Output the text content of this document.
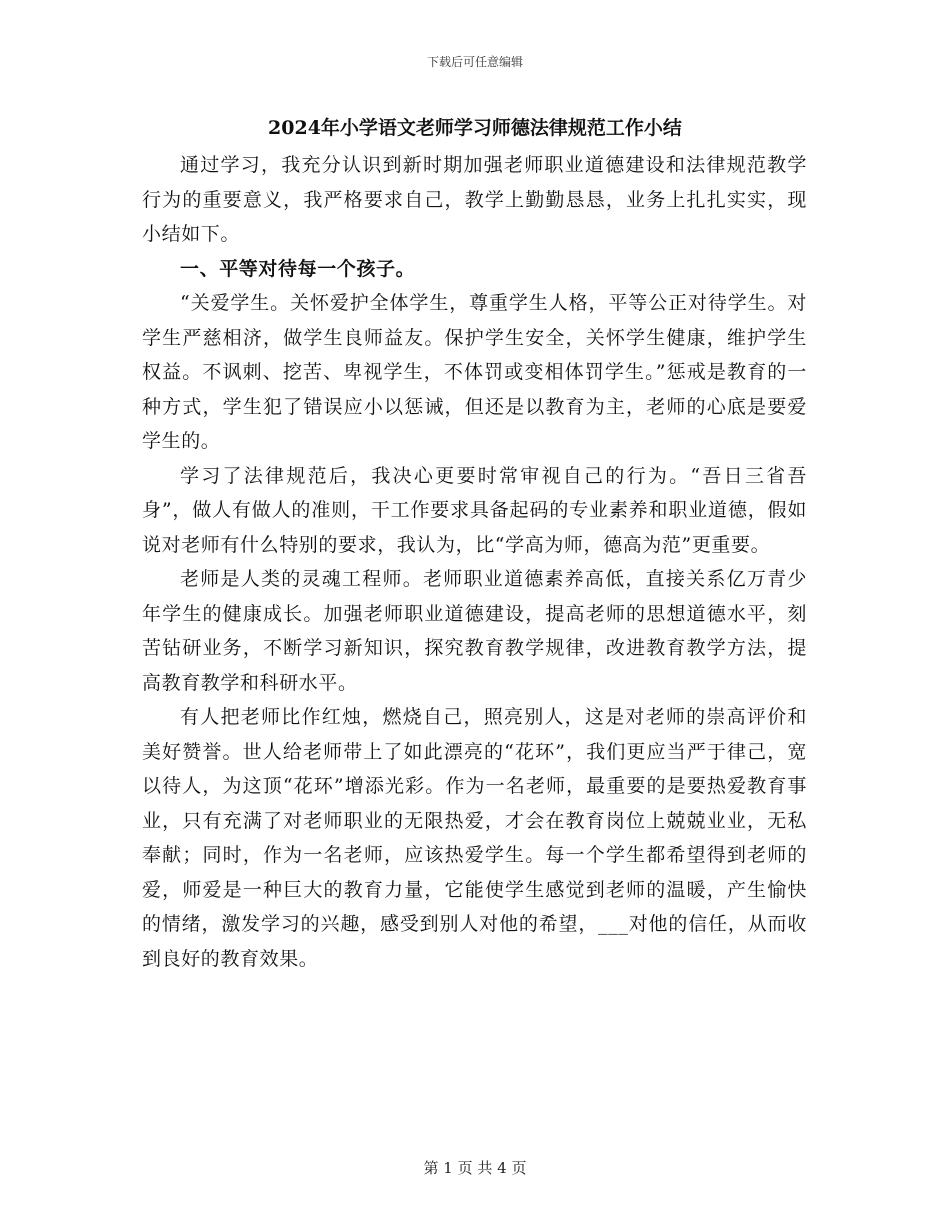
下载后可任意编辑
2024年小学语文老师学习师德法律规范工作小结

通过学习，我充分认识到新时期加强老师职业道德建设和法律规范教学行为的重要意义，我严格要求自己，教学上勤勤恳恳，业务上扎扎实实，现小结如下。

一、平等对待每一个孩子。

“关爱学生。关怀爱护全体学生，尊重学生人格，平等公正对待学生。对学生严慈相济，做学生良师益友。保护学生安全，关怀学生健康，维护学生权益。不讽刺、挖苦、卑视学生，不体罚或变相体罚学生。”惩戒是教育的一种方式，学生犯了错误应小以惩诫，但还是以教育为主，老师的心底是要爱学生的。

学习了法律规范后，我决心更要时常审视自己的行为。“吾日三省吾身”，做人有做人的准则，干工作要求具备起码的专业素养和职业道德，假如说对老师有什么特别的要求，我认为，比“学高为师，德高为范”更重要。

老师是人类的灵魂工程师。老师职业道德素养高低，直接关系亿万青少年学生的健康成长。加强老师职业道德建设，提高老师的思想道德水平，刻苦钻研业务，不断学习新知识，探究教育教学规律，改进教育教学方法，提高教育教学和科研水平。

有人把老师比作红烛，燃烧自己，照亮别人，这是对老师的崇高评价和美好赞誉。世人给老师带上了如此漂亮的“花环”，我们更应当严于律己，宽以待人，为这顶“花环”增添光彩。作为一名老师，最重要的是要热爱教育事业，只有充满了对老师职业的无限热爱，才会在教育岗位上兢兢业业，无私奉献；同时，作为一名老师，应该热爱学生。每一个学生都希望得到老师的爱，师爱是一种巨大的教育力量，它能使学生感觉到老师的温暖，产生愉快的情绪，激发学习的兴趣，感受到别人对他的希望，___对他的信任，从而收到良好的教育效果。

第 1 页 共 4 页
